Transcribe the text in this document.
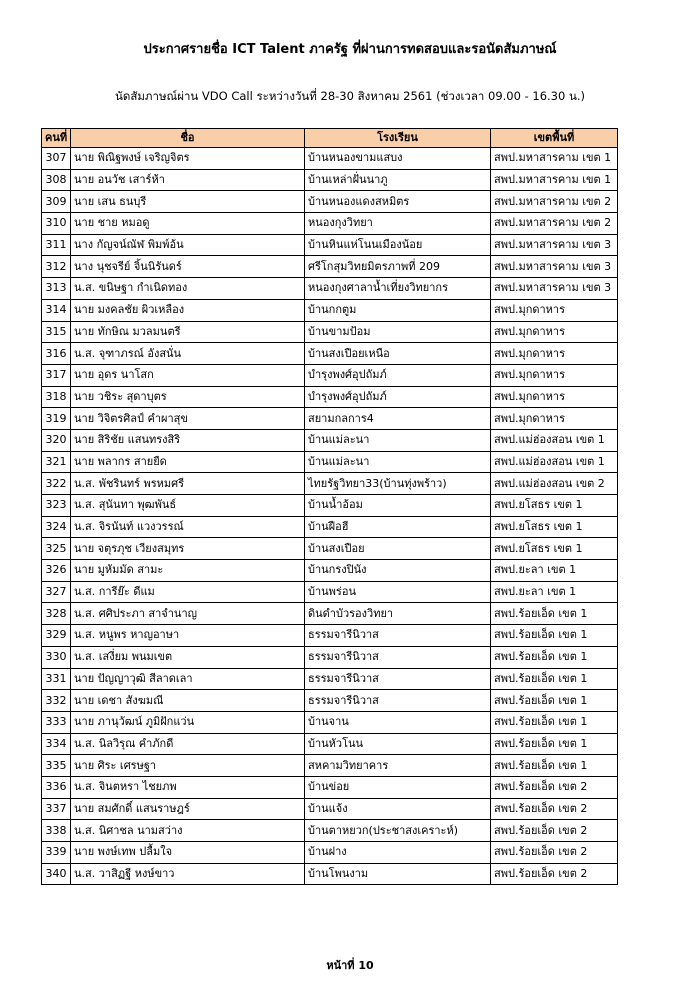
ประกาศรายชื่อ ICT Talent ภาครัฐ ที่ผ่านการทดสอบและรอนัดสัมภาษณ์
นัดสัมภาษณ์ผ่าน VDO Call ระหว่างวันที่ 28-30 สิงหาคม 2561 (ช่วงเวลา 09.00 - 16.30 น.)
คนที่	ชื่อ	โรงเรียน	เขตพื้นที่
307	นาย พิณิฐพงษ์ เจริญจิตร	บ้านหนองขามแสบง	สพป.มหาสารคาม เขต 1
308	นาย อนวัช เสาร์ห้า	บ้านเหล่าฝั่นนาภู	สพป.มหาสารคาม เขต 1
309	นาย เสน ธนบุรี	บ้านหนองแดงสหมิตร	สพป.มหาสารคาม เขต 2
310	นาย ชาย หมอดู	หนองกุงวิทยา	สพป.มหาสารคาม เขต 2
311	นาง กัญจน์ณัฬ พิมพ์อ้น	บ้านหินแห่โนนเมืองน้อย	สพป.มหาสารคาม เขต 3
312	นาง นุชจรีย์ จิ้นนิรันดร์	ศรีโกสุมวิทยมิตรภาพที่ 209	สพป.มหาสารคาม เขต 3
313	น.ส. ขนิษฐา กำเนิดทอง	หนองกุงศาลาน้ำเที่ยงวิทยากร	สพป.มหาสารคาม เขต 3
314	นาย มงคลชัย ผิวเหลือง	บ้านกกตูม	สพป.มุกดาหาร
315	นาย ทักษิณ มวลมนตรี	บ้านขามป้อม	สพป.มุกดาหาร
316	น.ส. จุฑาภรณ์ อังสนั่น	บ้านสงเปือยเหนือ	สพป.มุกดาหาร
317	นาย อุดร นาโสก	บำรุงพงศ์อุปถัมภ์	สพป.มุกดาหาร
318	นาย วชิระ สุดาบุตร	บำรุงพงศ์อุปถัมภ์	สพป.มุกดาหาร
319	นาย วิจิตรศิลป์ คำผาสุข	สยามกลการ4	สพป.มุกดาหาร
320	นาย สิริชัย แสนทรงสิริ	บ้านแม่ละนา	สพป.แม่ฮ่องสอน เขต 1
321	นาย พลากร สายยืด	บ้านแม่ละนา	สพป.แม่ฮ่องสอน เขต 1
322	น.ส. พัชรินทร์ พรหมศรี	ไทยรัฐวิทยา33(บ้านทุ่งพร้าว)	สพป.แม่ฮ่องสอน เขต 2
323	น.ส. สุนันทา พุฒพันธ์	บ้านน้ำอ้อม	สพป.ยโสธร เขต 1
324	น.ส. จิรนันท์ แวงวรรณ์	บ้านฝือฮี	สพป.ยโสธร เขต 1
325	นาย จตุรภุช เวียงสมุทร	บ้านสงเปือย	สพป.ยโสธร เขต 1
326	นาย มูหัมมัด สามะ	บ้านกรงปินัง	สพป.ยะลา เขต 1
327	น.ส. การีย๊ะ ดีแม	บ้านพร่อน	สพป.ยะลา เขต 1
328	น.ส. ศศิประภา สาจำนาญ	ดินดำบัวรองวิทยา	สพป.ร้อยเอ็ด เขต 1
329	น.ส. หนูพร หาญอาษา	ธรรมจารีนิวาส	สพป.ร้อยเอ็ด เขต 1
330	น.ส. เสงี่ยม พนมเขต	ธรรมจารีนิวาส	สพป.ร้อยเอ็ด เขต 1
331	นาย ปัญญาวุฒิ สีลาดเลา	ธรรมจารีนิวาส	สพป.ร้อยเอ็ด เขต 1
332	นาย เดชา สังฆมณี	ธรรมจารีนิวาส	สพป.ร้อยเอ็ด เขต 1
333	นาย ภานุวัฒน์ ภูมิฝักแว่น	บ้านจาน	สพป.ร้อยเอ็ด เขต 1
334	น.ส. นิลวิรุณ คำภักดี	บ้านหัวโนน	สพป.ร้อยเอ็ด เขต 1
335	นาย ศิระ เศรษฐา	สหคามวิทยาคาร	สพป.ร้อยเอ็ด เขต 1
336	น.ส. จินตหรา ไชยภพ	บ้านข่อย	สพป.ร้อยเอ็ด เขต 2
337	นาย สมศักดิ์ แสนราษฎร์	บ้านแจ้ง	สพป.ร้อยเอ็ด เขต 2
338	น.ส. นิศาชล นามสว่าง	บ้านตาหยวก(ประชาสงเคราะห์)	สพป.ร้อยเอ็ด เขต 2
339	นาย พงษ์เทพ ปลื้มใจ	บ้านฝาง	สพป.ร้อยเอ็ด เขต 2
340	น.ส. วาสิฏฐี หงษ์ขาว	บ้านโพนงาม	สพป.ร้อยเอ็ด เขต 2
หน้าที่ 10
